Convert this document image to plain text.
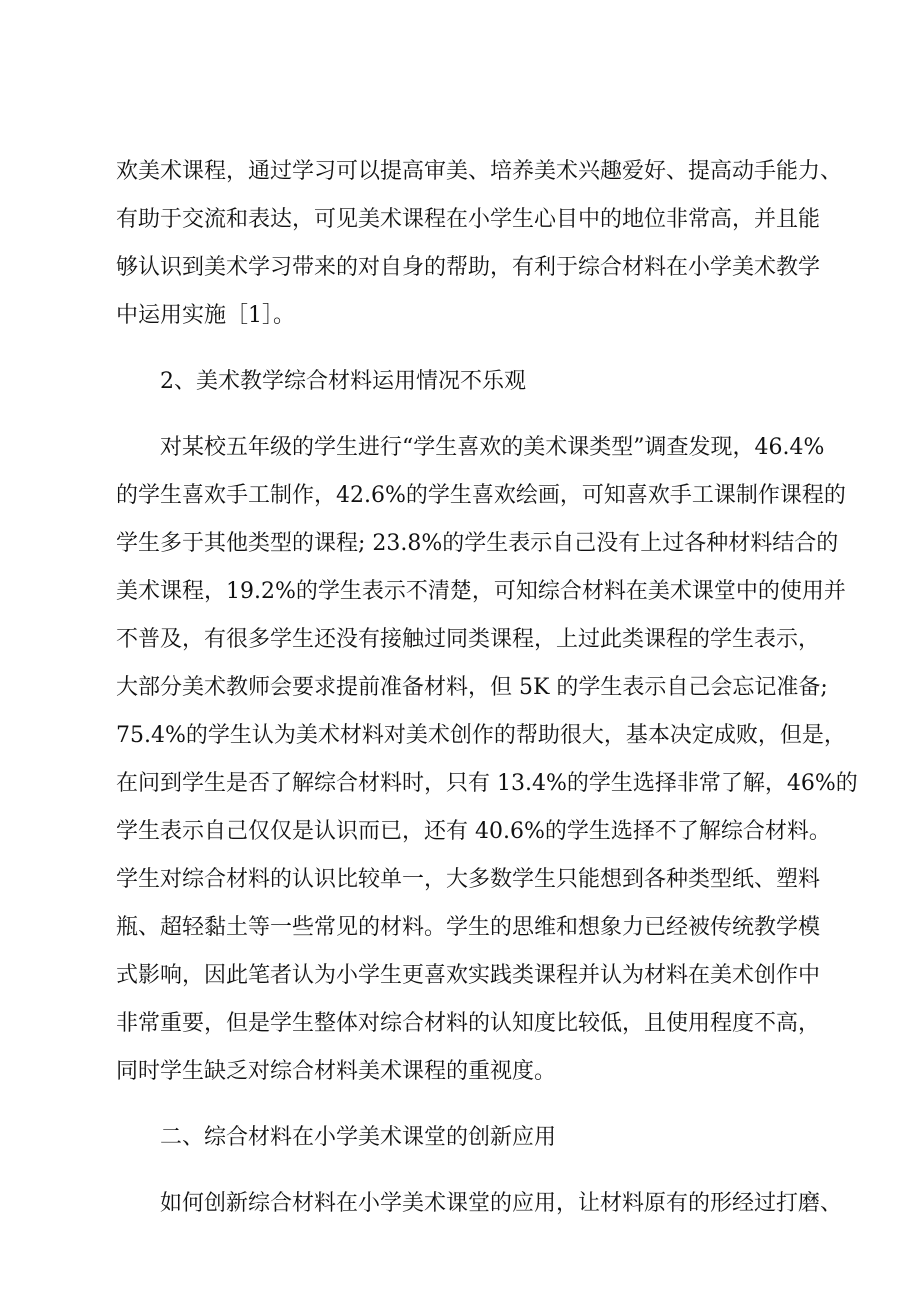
欢美术课程，通过学习可以提高审美、培养美术兴趣爱好、提高动手能力、
有助于交流和表达，可见美术课程在小学生心目中的地位非常高，并且能
够认识到美术学习带来的对自身的帮助，有利于综合材料在小学美术教学
中运用实施［1］。
2、美术教学综合材料运用情况不乐观
对某校五年级的学生进行“学生喜欢的美术课类型”调查发现，46.4%
的学生喜欢手工制作，42.6%的学生喜欢绘画，可知喜欢手工课制作课程的
学生多于其他类型的课程; 23.8%的学生表示自己没有上过各种材料结合的
美术课程，19.2%的学生表示不清楚，可知综合材料在美术课堂中的使用并
不普及，有很多学生还没有接触过同类课程，上过此类课程的学生表示，
大部分美术教师会要求提前准备材料，但 5K 的学生表示自己会忘记准备;
75.4%的学生认为美术材料对美术创作的帮助很大，基本决定成败，但是，
在问到学生是否了解综合材料时，只有 13.4%的学生选择非常了解，46%的
学生表示自己仅仅是认识而已，还有 40.6%的学生选择不了解综合材料。
学生对综合材料的认识比较单一，大多数学生只能想到各种类型纸、塑料
瓶、超轻黏土等一些常见的材料。学生的思维和想象力已经被传统教学模
式影响，因此笔者认为小学生更喜欢实践类课程并认为材料在美术创作中
非常重要，但是学生整体对综合材料的认知度比较低，且使用程度不高，
同时学生缺乏对综合材料美术课程的重视度。
二、综合材料在小学美术课堂的创新应用
如何创新综合材料在小学美术课堂的应用，让材料原有的形经过打磨、
